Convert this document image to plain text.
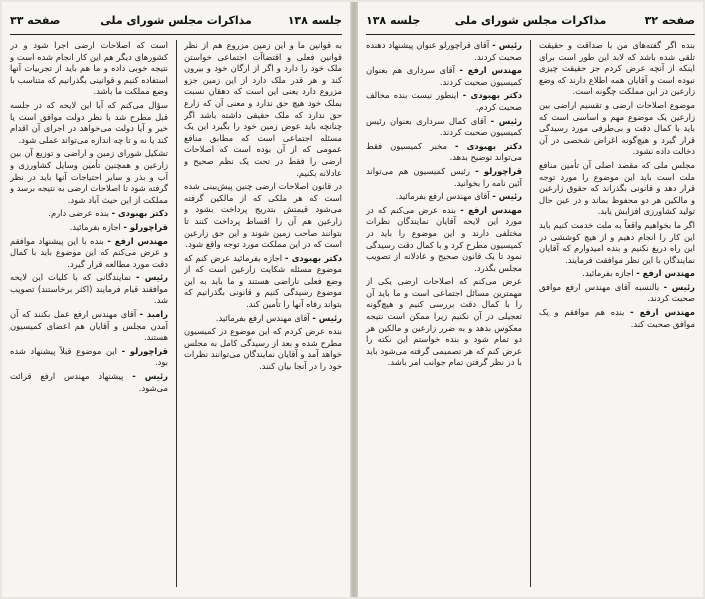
جلسه ۱۳۸
مذاکرات مجلس شورای ملی
صفحه ۳۳

به قوانین ما و این زمین مزروع هم از نظر قوانین فعلی و اقتضاآت اجتماعی خواستن ملک خود را دارد و اگر از ارگان خود و بیرون کند و هر قدر ملک دارد از این زمین جزو مزروع دارد یعنی این است که دهقان نسبت بملک خود هیچ حق ندارد و معنی آن که زارع حق ندارد که ملک حقیقی داشته باشد اگر چنانچه باید عوض زمین خود را بگیرد این یک مسئله اجتماعی است که مطابق منافع عمومی که از آن بوده است که اصلاحات ارضی را فقط در تحت یک نظم صحیح و عادلانه بکنیم.

در قانون اصلاحات ارضی چنین پیش‌بینی شده است که هر ملکی که از مالکین گرفته می‌شود قیمتش بتدریج پرداخت بشود و زارعین هم آن را اقساط پرداخت کنند تا بتوانند صاحب زمین شوند و این حق زارعین است که در این مملکت مورد توجه واقع شود.

دکتر بهبودی - اجازه بفرمائید عرض کنم که موضوع مسئله شکایت زارعین است که از وضع فعلی ناراضی هستند و ما باید به این موضوع رسیدگی کنیم و قانونی بگذرانیم که بتواند رفاه آنها را تأمین کند.

رئیس - آقای مهندس ارفع بفرمائید.

بنده عرض کردم که این موضوع در کمیسیون مطرح شده و بعد از رسیدگی کامل به مجلس خواهد آمد و آقایان نمایندگان می‌توانند نظرات خود را در آنجا بیان کنند.

است که اصلاحات ارضی اجرا شود و در کشورهای دیگر هم این کار انجام شده است و نتیجه خوبی داده و ما هم باید از تجربیات آنها استفاده کنیم و قوانینی بگذرانیم که متناسب با وضع مملکت ما باشد.

سؤال می‌کنم که آیا این لایحه که در جلسه قبل مطرح شد با نظر دولت موافق است یا خیر و آیا دولت می‌خواهد در اجرای آن اقدام کند یا نه و تا چه اندازه می‌تواند عملی شود.

تشکیل شورای زمین و اراضی و توزیع آن بین زارعین و همچنین تأمین وسایل کشاورزی و آب و بذر و سایر احتیاجات آنها باید در نظر گرفته شود تا اصلاحات ارضی به نتیجه برسد و مملکت از این حیث آباد شود.

دکتر بهبودی - بنده عرضی دارم.

قراچورلو - اجازه بفرمائید.

مهندس ارفع - بنده با این پیشنهاد موافقم و عرض می‌کنم که این موضوع باید با کمال دقت مورد مطالعه قرار گیرد.

رئیس - نمایندگانی که با کلیات این لایحه موافقند قیام فرمایند (اکثر برخاستند) تصویب شد.

رامبد - آقای مهندس ارفع عمل بکنند که آن آمدن مجلس و آقایان هم اعضای کمیسیون هستند.

قراچورلو - این موضوع قبلاً پیشنهاد شده بود.

رئیس - پیشنهاد مهندس ارفع قرائت می‌شود.

صفحه ۳۲
مذاکرات مجلس شورای ملی
جلسه ۱۳۸

بنده اگر گفته‌های من با صداقت و حقیقت تلقی شده باشد که لابد این طور است برای اینکه از آنچه عرض کردم جز حقیقت چیزی نبوده است و آقایان همه اطلاع دارند که وضع زارعین در این مملکت چگونه است.

موضوع اصلاحات ارضی و تقسیم اراضی بین زارعین یک موضوع مهم و اساسی است که باید با کمال دقت و بی‌طرفی مورد رسیدگی قرار گیرد و هیچ‌گونه اغراض شخصی در آن دخالت داده نشود.

مجلس ملی که مقصد اصلی آن تأمین منافع ملت است باید این موضوع را مورد توجه قرار دهد و قانونی بگذراند که حقوق زارعین و مالکین هر دو محفوظ بماند و در عین حال تولید کشاورزی افزایش یابد.

اگر ما بخواهیم واقعاً به ملت خدمت کنیم باید این کار را انجام دهیم و از هیچ کوششی در این راه دریغ نکنیم و بنده امیدوارم که آقایان نمایندگان با این نظر موافقت فرمایند.

مهندس ارفع - اجازه بفرمائید.

رئیس - بالنسبه آقای مهندس ارفع موافق صحبت کردند.

مهندس ارفع - بنده هم موافقم و یک موافق صحبت کند.

رئیس - آقای قراچورلو عنوان پیشنهاد دهنده صحبت کردند.

مهندس ارفع - آقای سرداری هم بعنوان کمیسیون صحبت کردند.

دکتر بهبودی - اینطور نیست بنده مخالف صحبت کردم.

رئیس - آقای کمال سرداری بعنوان رئیس کمیسیون صحبت کردند.

دکتر بهبودی - مخبر کمیسیون فقط می‌تواند توضیح بدهد.

قراچورلو - رئیس کمیسیون هم می‌تواند آئین نامه را بخوانید.

رئیس - آقای مهندس ارفع بفرمائید.

مهندس ارفع - بنده عرض می‌کنم که در مورد این لایحه آقایان نمایندگان نظرات مختلفی دارند و این موضوع را باید در کمیسیون مطرح کرد و با کمال دقت رسیدگی نمود تا یک قانون صحیح و عادلانه از تصویب مجلس بگذرد.

عرض می‌کنم که اصلاحات ارضی یکی از مهمترین مسائل اجتماعی است و ما باید آن را با کمال دقت بررسی کنیم و هیچ‌گونه تعجیلی در آن نکنیم زیرا ممکن است نتیجه معکوس بدهد و به ضرر زارعین و مالکین هر دو تمام شود و بنده خواستم این نکته را عرض کنم که هر تصمیمی گرفته می‌شود باید با در نظر گرفتن تمام جوانب امر باشد.
